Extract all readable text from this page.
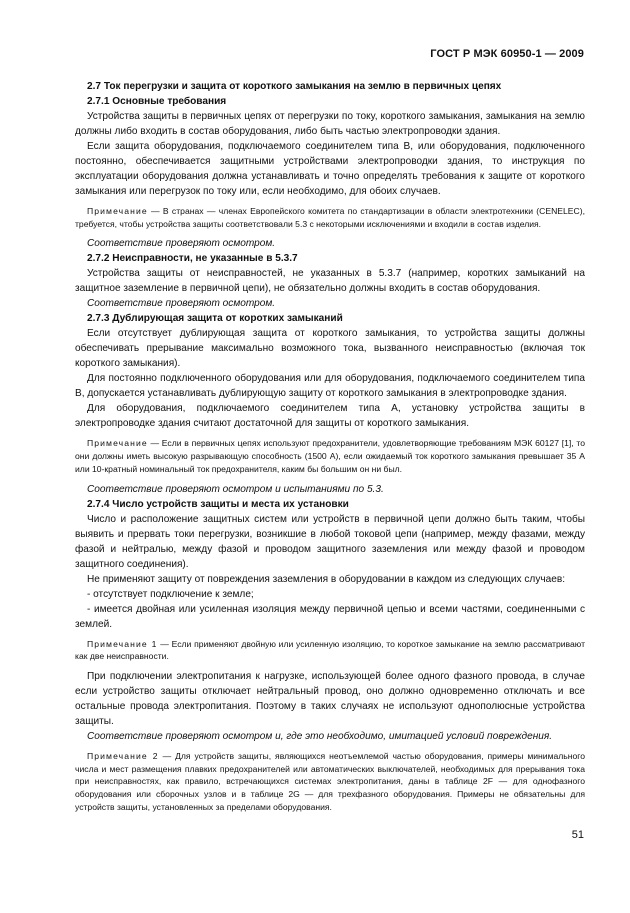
ГОСТ Р МЭК 60950-1 — 2009

2.7 Ток перегрузки и защита от короткого замыкания на землю в первичных цепях

2.7.1 Основные требования

Устройства защиты в первичных цепях от перегрузки по току, короткого замыкания, замыкания на землю должны либо входить в состав оборудования, либо быть частью электропроводки здания.

Если защита оборудования, подключаемого соединителем типа В, или оборудования, подключенного постоянно, обеспечивается защитными устройствами электропроводки здания, то инструкция по эксплуатации оборудования должна устанавливать и точно определять требования к защите от короткого замыкания или перегрузок по току или, если необходимо, для обоих случаев.

Примечание — В странах — членах Европейского комитета по стандартизации в области электротехники (CENELEC), требуется, чтобы устройства защиты соответствовали 5.3 с некоторыми исключениями и входили в состав изделия.

Соответствие проверяют осмотром.

2.7.2 Неисправности, не указанные в 5.3.7

Устройства защиты от неисправностей, не указанных в 5.3.7 (например, коротких замыканий на защитное заземление в первичной цепи), не обязательно должны входить в состав оборудования.

Соответствие проверяют осмотром.

2.7.3 Дублирующая защита от коротких замыканий

Если отсутствует дублирующая защита от короткого замыкания, то устройства защиты должны обеспечивать прерывание максимально возможного тока, вызванного неисправностью (включая ток короткого замыкания).

Для постоянно подключенного оборудования или для оборудования, подключаемого соединителем типа В, допускается устанавливать дублирующую защиту от короткого замыкания в электропроводке здания.

Для оборудования, подключаемого соединителем типа А, установку устройства защиты в электропроводке здания считают достаточной для защиты от короткого замыкания.

Примечание — Если в первичных цепях используют предохранители, удовлетворяющие требованиям МЭК 60127 [1], то они должны иметь высокую разрывающую способность (1500 А), если ожидаемый ток короткого замыкания превышает 35 А или 10-кратный номинальный ток предохранителя, каким бы большим он ни был.

Соответствие проверяют осмотром и испытаниями по 5.3.

2.7.4 Число устройств защиты и места их установки

Число и расположение защитных систем или устройств в первичной цепи должно быть таким, чтобы выявить и прервать токи перегрузки, возникшие в любой токовой цепи (например, между фазами, между фазой и нейтралью, между фазой и проводом защитного заземления или между фазой и проводом защитного соединения).

Не применяют защиту от повреждения заземления в оборудовании в каждом из следующих случаев:

- отсутствует подключение к земле;

- имеется двойная или усиленная изоляция между первичной цепью и всеми частями, соединенными с землей.

Примечание 1 — Если применяют двойную или усиленную изоляцию, то короткое замыкание на землю рассматривают как две неисправности.

При подключении электропитания к нагрузке, использующей более одного фазного провода, в случае если устройство защиты отключает нейтральный провод, оно должно одновременно отключать и все остальные провода электропитания. Поэтому в таких случаях не используют однополюсные устройства защиты.

Соответствие проверяют осмотром и, где это необходимо, имитацией условий повреждения.

Примечание 2 — Для устройств защиты, являющихся неотъемлемой частью оборудования, примеры минимального числа и мест размещения плавких предохранителей или автоматических выключателей, необходимых для прерывания тока при неисправностях, как правило, встречающихся системах электропитания, даны в таблице 2F — для однофазного оборудования или сборочных узлов и в таблице 2G — для трехфазного оборудования. Примеры не обязательны для устройств защиты, установленных за пределами оборудования.

51
